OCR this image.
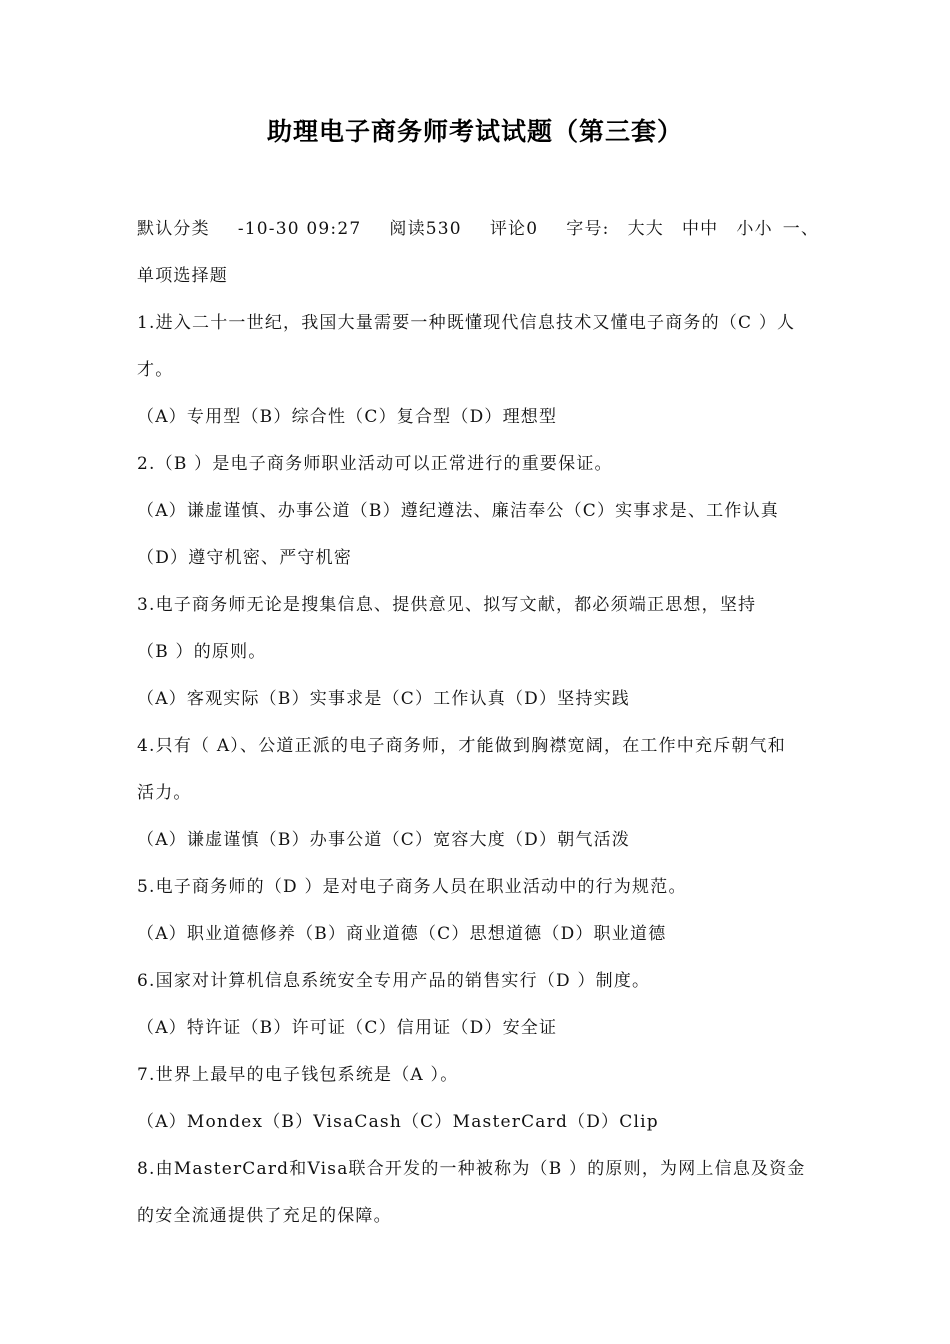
助理电子商务师考试试题（第三套）
默认分类 -10-30 09:27 阅读530 评论0 字号: 大大 中中 小小 一、
单项选择题
1.进入二十一世纪，我国大量需要一种既懂现代信息技术又懂电子商务的（C ）人
才。
（A）专用型（B）综合性（C）复合型（D）理想型
2.（B ）是电子商务师职业活动可以正常进行的重要保证。
（A）谦虚谨慎、办事公道（B）遵纪遵法、廉洁奉公（C）实事求是、工作认真
（D）遵守机密、严守机密
3.电子商务师无论是搜集信息、提供意见、拟写文献，都必须端正思想，坚持
（B ）的原则。
（A）客观实际（B）实事求是（C）工作认真（D）坚持实践
4.只有（ A）、公道正派的电子商务师，才能做到胸襟宽阔，在工作中充斥朝气和
活力。
（A）谦虚谨慎（B）办事公道（C）宽容大度（D）朝气活泼
5.电子商务师的（D ）是对电子商务人员在职业活动中的行为规范。
（A）职业道德修养（B）商业道德（C）思想道德（D）职业道德
6.国家对计算机信息系统安全专用产品的销售实行（D ）制度。
（A）特许证（B）许可证（C）信用证（D）安全证
7.世界上最早的电子钱包系统是（A ）。
（A）Mondex（B）VisaCash（C）MasterCard（D）Clip
8.由MasterCard和Visa联合开发的一种被称为（B ）的原则，为网上信息及资金
的安全流通提供了充足的保障。
